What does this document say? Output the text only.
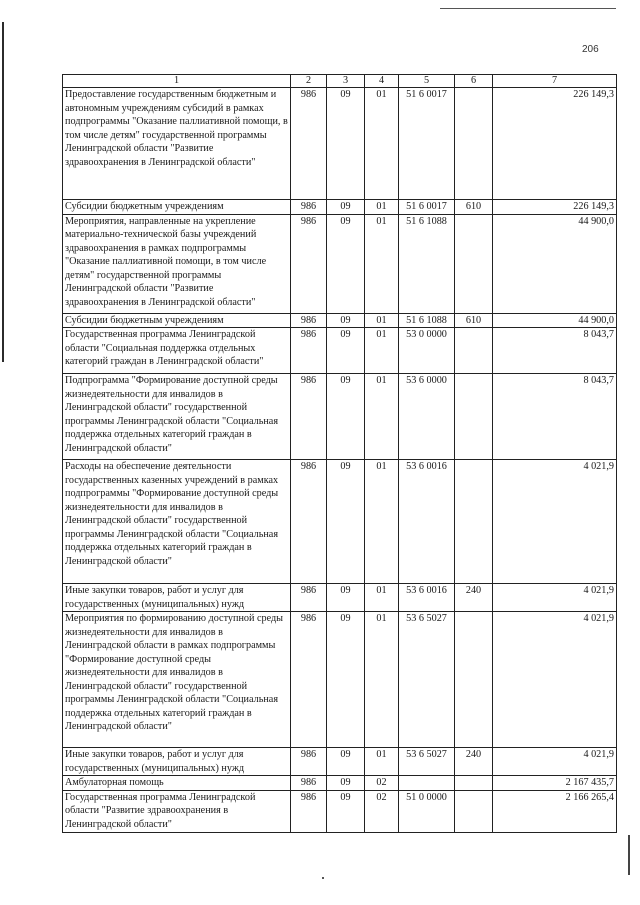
206
1	2	3	4	5	6	7
Предоставление государственным бюджетным и автономным учреждениям субсидий в рамках подпрограммы "Оказание паллиативной помощи, в том числе детям" государственной программы Ленинградской области "Развитие здравоохранения в Ленинградской области"	986	09	01	51 6 0017		226 149,3
Субсидии бюджетным учреждениям	986	09	01	51 6 0017	610	226 149,3
Мероприятия, направленные на укрепление материально-технической базы учреждений здравоохранения в рамках подпрограммы "Оказание паллиативной помощи, в том числе детям" государственной программы Ленинградской области "Развитие здравоохранения в Ленинградской области"	986	09	01	51 6 1088		44 900,0
Субсидии бюджетным учреждениям	986	09	01	51 6 1088	610	44 900,0
Государственная программа Ленинградской области "Социальная поддержка отдельных категорий граждан в Ленинградской области"	986	09	01	53 0 0000		8 043,7
Подпрограмма "Формирование доступной среды жизнедеятельности для инвалидов в Ленинградской области" государственной программы Ленинградской области "Социальная поддержка отдельных категорий граждан в Ленинградской области"	986	09	01	53 6 0000		8 043,7
Расходы на обеспечение деятельности государственных казенных учреждений в рамках подпрограммы "Формирование доступной среды жизнедеятельности для инвалидов в Ленинградской области" государственной программы Ленинградской области "Социальная поддержка отдельных категорий граждан в Ленинградской области"	986	09	01	53 6 0016		4 021,9
Иные закупки товаров, работ и услуг для государственных (муниципальных) нужд	986	09	01	53 6 0016	240	4 021,9
Мероприятия по формированию доступной среды жизнедеятельности для инвалидов в Ленинградской области в рамках подпрограммы "Формирование доступной среды жизнедеятельности для инвалидов в Ленинградской области" государственной программы Ленинградской области "Социальная поддержка отдельных категорий граждан в Ленинградской области"	986	09	01	53 6 5027		4 021,9
Иные закупки товаров, работ и услуг для государственных (муниципальных) нужд	986	09	01	53 6 5027	240	4 021,9
Амбулаторная помощь	986	09	02			2 167 435,7
Государственная программа Ленинградской области "Развитие здравоохранения в Ленинградской области"	986	09	02	51 0 0000		2 166 265,4
